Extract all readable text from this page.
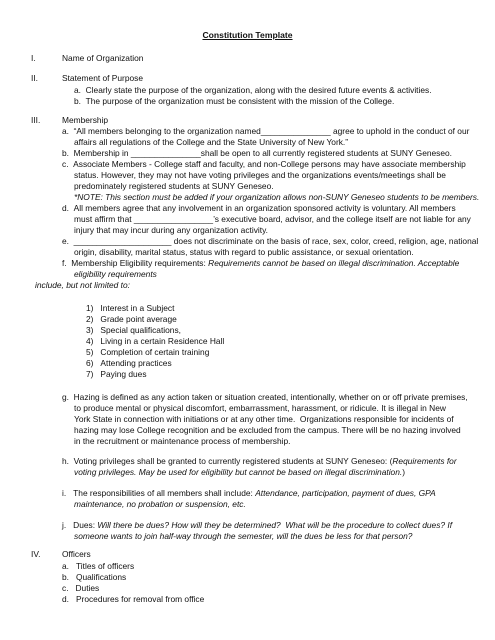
Constitution Template
I.	Name of Organization
II.	Statement of Purpose
a.  Clearly state the purpose of the organization, along with the desired future events & activities.
b.  The purpose of the organization must be consistent with the mission of the College.
III.	Membership
a.  “All members belonging to the organization named_______________ agree to uphold in the conduct of our
affairs all regulations of the College and the State University of New York.”
b.  Membership in _______________shall be open to all currently registered students at SUNY Geneseo.
c.  Associate Members - College staff and faculty, and non-College persons may have associate membership
status. However, they may not have voting privileges and the organizations events/meetings shall be
predominately registered students at SUNY Geneseo.
*NOTE: This section must be added if your organization allows non-SUNY Geneseo students to be members.
d.  All members agree that any involvement in an organization sponsored activity is voluntary. All members
must affirm that _________________’s executive board, advisor, and the college itself are not liable for any
injury that may incur during any organization activity.
e.  _____________________ does not discriminate on the basis of race, sex, color, creed, religion, age, national
origin, disability, marital status, status with regard to public assistance, or sexual orientation.
f.  Membership Eligibility requirements: Requirements cannot be based on illegal discrimination. Acceptable
eligibility requirements
include, but not limited to:
1)   Interest in a Subject
2)   Grade point average
3)   Special qualifications,
4)   Living in a certain Residence Hall
5)   Completion of certain training
6)   Attending practices
7)   Paying dues
g.  Hazing is defined as any action taken or situation created, intentionally, whether on or off private premises,
to produce mental or physical discomfort, embarrassment, harassment, or ridicule. It is illegal in New
York State in connection with initiations or at any other time.  Organizations responsible for incidents of
hazing may lose College recognition and be excluded from the campus. There will be no hazing involved
in the recruitment or maintenance process of membership.
h.  Voting privileges shall be granted to currently registered students at SUNY Geneseo: (Requirements for
voting privileges. May be used for eligibility but cannot be based on illegal discrimination.)
i.   The responsibilities of all members shall include: Attendance, participation, payment of dues, GPA
maintenance, no probation or suspension, etc.
j.   Dues: Will there be dues? How will they be determined?  What will be the procedure to collect dues? If
someone wants to join half-way through the semester, will the dues be less for that person?
IV.	Officers
a.   Titles of officers
b.   Qualifications
c.   Duties
d.   Procedures for removal from office
